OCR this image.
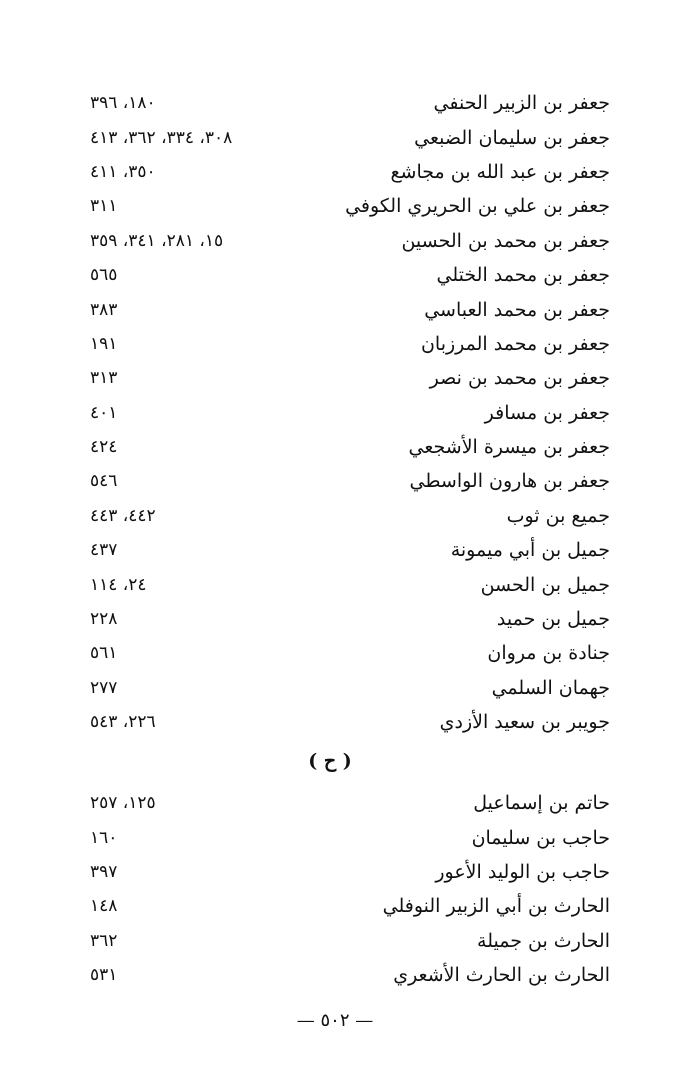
جعفر بن الزبير الحنفي
١٨٠، ٣٩٦
جعفر بن سليمان الضبعي
٣٠٨، ٣٣٤، ٣٦٢، ٤١٣
جعفر بن عبد الله بن مجاشع
٣٥٠، ٤١١
جعفر بن علي بن الحريري الكوفي
٣١١
جعفر بن محمد بن الحسين
١٥، ٢٨١، ٣٤١، ٣٥٩
جعفر بن محمد الختلي
٥٦٥
جعفر بن محمد العباسي
٣٨٣
جعفر بن محمد المرزبان
١٩١
جعفر بن محمد بن نصر
٣١٣
جعفر بن مسافر
٤٠١
جعفر بن ميسرة الأشجعي
٤٢٤
جعفر بن هارون الواسطي
٥٤٦
جميع بن ثوب
٤٤٢، ٤٤٣
جميل بن أبي ميمونة
٤٣٧
جميل بن الحسن
٢٤، ١١٤
جميل بن حميد
٢٢٨
جنادة بن مروان
٥٦١
جهمان السلمي
٢٧٧
جويبر بن سعيد الأزدي
٢٢٦، ٥٤٣
( ح )
حاتم بن إسماعيل
١٢٥، ٢٥٧
حاجب بن سليمان
١٦٠
حاجب بن الوليد الأعور
٣٩٧
الحارث بن أبي الزبير النوفلي
١٤٨
الحارث بن جميلة
٣٦٢
الحارث بن الحارث الأشعري
٥٣١
— ٥٠٢ —
